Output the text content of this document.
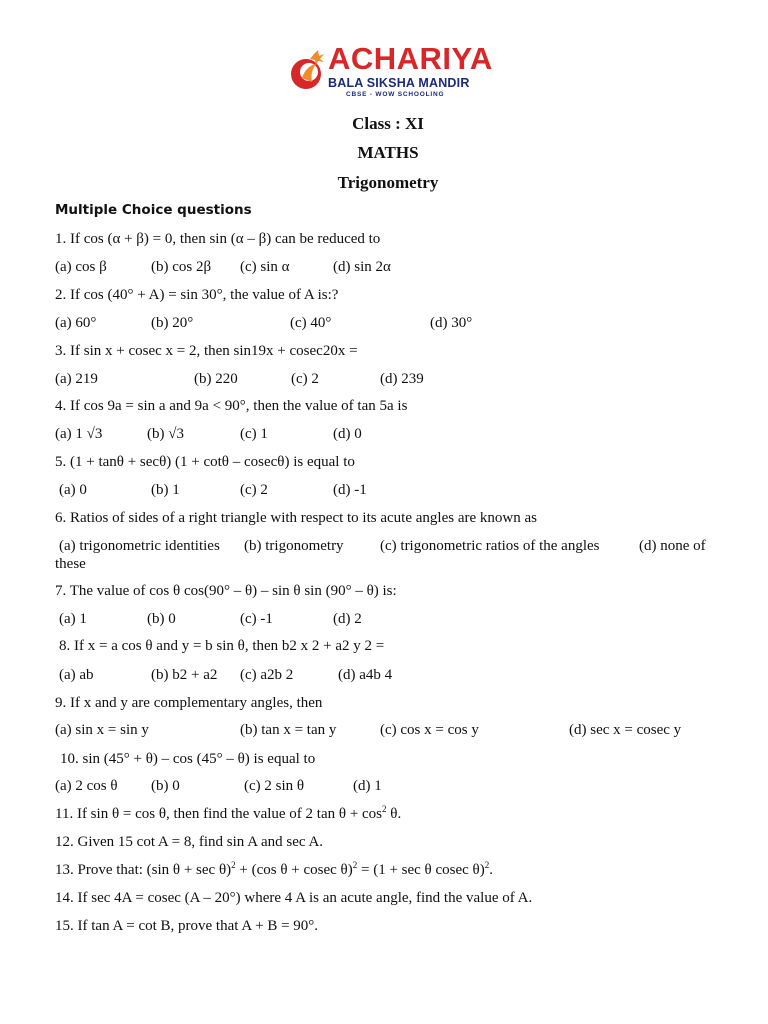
ACHARIYA
BALA SIKSHA MANDIR
CBSE - WOW SCHOOLING
Class : XI
MATHS
Trigonometry
Multiple Choice questions
1. If cos (α + β) = 0, then sin (α – β) can be reduced to
(a) cos β	(b) cos 2β (c) sin α	(d) sin 2α
2. If cos (40° + A) = sin 30°, the value of A is:?
(a) 60°	(b) 20°	(c) 40°	(d) 30°
3. If sin x + cosec x = 2, then sin19x + cosec20x =
(a) 219	(b) 220	(c) 2	(d) 239
4. If cos 9a = sin a and 9a < 90°, then the value of tan 5a is
(a) 1 √3	(b) √3	(c) 1	(d) 0
5. (1 + tanθ + secθ) (1 + cotθ – cosecθ) is equal to
(a) 0	(b) 1	(c) 2	(d) -1
6. Ratios of sides of a right triangle with respect to its acute angles are known as
(a) trigonometric identities (b) trigonometry (c) trigonometric ratios of the angles	(d) none of
these
7. The value of cos θ cos(90° – θ) – sin θ sin (90° – θ) is:
(a) 1	(b) 0	(c) -1	(d) 2
8. If x = a cos θ and y = b sin θ, then b2 x 2 + a2 y 2 =
(a) ab	(b) b2 + a2 (c) a2b 2	(d) a4b 4
9. If x and y are complementary angles, then
(a) sin x = sin y	(b) tan x = tan y	(c) cos x = cos y	(d) sec x = cosec y
10. sin (45° + θ) – cos (45° – θ) is equal to
(a) 2 cos θ (b) 0	(c) 2 sin θ	(d) 1
11. If sin θ = cos θ, then find the value of 2 $\tan \theta + \cos^2 \theta$.
12. Given 15 cot A = 8, find sin A and sec A.
13. Prove that: (sin θ + sec θ)$^2$ + (cos θ + cosec θ)$^2$ = (1 + sec θ cosec θ)$^2$.
14. If sec 4A = cosec (A – 20°) where 4 A is an acute angle, find the value of A.
15. If tan A = cot B, prove that A + B = 90°.
